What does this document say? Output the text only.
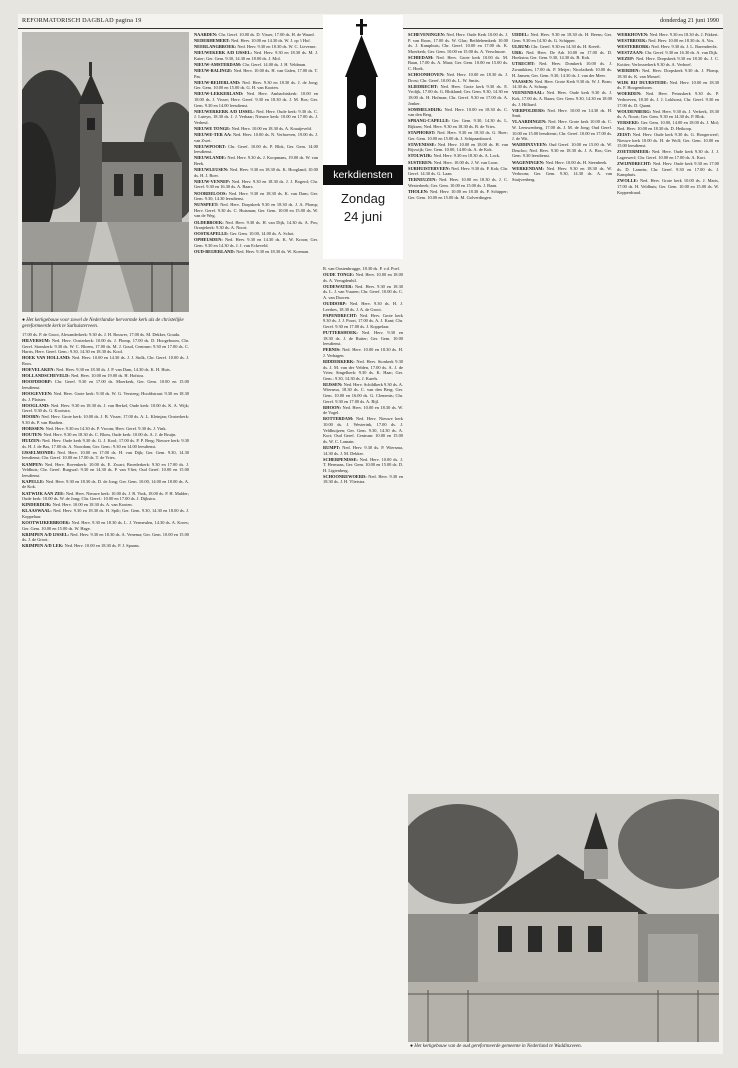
REFORMATORISCH DAGBLAD pagina 19	donderdag 21 juni 1990
● Het kerkgebouw voor zowel de Nederlandse hervormde kerk als de christelijke gereformeerde kerk te Surhuisterveen.
kerkdiensten
Zondag
24 juni
● Het kerkgebouw van de oud gereformeerde gemeente in Nederland te Waddinxveen.

17.00 ds. P. de Groot, Alexanderkerk: 9.30 ds. J. H. Rouwer, 17.00 ds. M. Dekker, Gouda.

HILVERSUM: Ned. Herv. Oosterkerk: 10.00 ds. J. Plomp, 17.00 ds. D. Hoogeboom, Chr. Geref. Sionskerk: 9.30 ds. W. C. Bloem, 17.00 ds. M. J. Goud, Centrum: 9.30 en 17.00 ds. C. Harris, Herv. Geref. Gem.: 9.30, 14.30 en 18.30 ds. Kool.

HOEK VAN HOLLAND: Ned. Herv. 10.00 en 14.30 ds. J. J. Stolk, Chr. Geref. 10.00 ds. J. Roos.

HOEVELAKEN: Ned. Herv. 9.30 en 18.30 ds. J. P. van Dam, 14.30 ds. K. H. Huis.

HOLLANDSCHEVELD: Ned. Herv. 10.00 en 19.00 ds. H. Hofstra.

HOOFDDORP: Chr. Geref. 9.30 en 17.00 ds. Moerkerk, Ger. Gem. 10.00 en 15.00 leesdienst.

HOOGEVEEN: Ned. Herv. Grote kerk: 9.30 ds. W. G. Versteeg; Hoofdstraat: 9.30 en 18.30 ds. J. Plaisier.

HOOGLAND: Ned. Herv. 9.30 en 18.30 ds. J. van Berkel, Oude kerk: 10.00 ds. K. A. Wijk; Geref. 9.30 ds. G. Kooistra.

HOORN: Ned. Herv. Grote kerk: 10.00 ds. J. B. Visser, 17.00 ds. A. L. Kleinjan; Oosterkerk: 9.30 ds. P. van Haaften.

HORSSEN: Ned. Herv. 9.30 en 14.30 ds. P. Vroom; Herv. Geref. 9.30 ds. J. Vink.

HOUTEN: Ned. Herv. 9.30 en 18.30 ds. C. Blom, Oude kerk: 10.00 ds. A. J. de Bruijn.

HUIZEN: Ned. Herv. Oude kerk 9.30 ds. G. J. Kool; 17.00 ds. P. P. Berg; Nieuwe kerk: 9.30 ds. H. J. de Bas, 17.00 ds. A. Noordam; Ger. Gem.: 9.30 en 14.00 leesdienst.

IJSSELMONDE: Ned. Herv. 10.00 en 17.00 ds. H. van Dijk; Ger. Gem. 9.30, 14.30 leesdienst; Chr. Geref. 10.00 en 17.00 ds. T. de Vries.

KAMPEN: Ned. Herv. Bovenkerk: 10.00 ds. E. Zwart; Broederkerk: 9.30 en 17.00 ds. J. Veldhuis; Chr. Geref. Burgwal: 9.30 en 14.30 ds. P. van Vliet; Oud Geref. 10.00 en 15.00 leesdienst.

KAPELLE: Ned. Herv. 9.30 en 18.30 ds. D. de Jong; Ger. Gem. 10.00, 14.00 en 18.00 ds. A. de Kok.

KATWIJK AAN ZEE: Ned. Herv. Nieuwe kerk: 10.00 ds. J. R. Vink, 18.00 ds. P. H. Mulder; Oude kerk: 10.00 ds. W. de Jong; Chr. Geref.: 10.00 en 17.00 ds. J. Dijkstra.

KINDERDIJK: Ned. Herv. 10.00 en 18.30 ds. A. van Kooten.

KLAASWAAL: Ned. Herv. 9.30 en 18.30 ds. H. Spilt; Ger. Gem. 9.30, 14.30 en 18.00 ds. J. Koppelaar.

KOOTWIJKERBROEK: Ned. Herv. 9.30 en 18.30 ds. L. J. Vermeulen, 14.30 ds. A. Kroes; Ger. Gem. 10.00 en 15.00 ds. W. Hage.

KRIMPEN A/D IJSSEL: Ned. Herv. 9.30 en 18.30 ds. A. Venema; Ger. Gem. 10.00 en 15.00 ds. J. de Groot.

KRIMPEN A/D LEK: Ned. Herv. 10.00 en 18.30 ds. P. J. Spaans.

NAARDEN: Chr. Geref. 10.00 ds. D. Visser, 17.00 ds. H. de Waard.

NEDERHEMERT: Ned. Herv. 10.00 en 14.30 ds. W. J. op 't Hof.

NEERLANGBROEK: Ned. Herv. 9.30 en 18.30 ds. W. C. Lievense.

NIEUWEKERK A/D IJSSEL: Ned. Herv. 9.30 en 18.30 ds. M. J. Kater; Ger. Gem. 9.30, 14.30 en 18.00 ds. J. Mol.

NIEUW-AMSTERDAM: Chr. Geref. 14.00 ds. J. H. Veldman.

NIEUW-BALINGE: Ned. Herv. 10.00 ds. H. van Galen, 17.00 ds. T. Pas.

NIEUW-BEIJERLAND: Ned. Herv. 9.30 en 18.30 ds. J. de Jong; Ger. Gem. 10.00 en 15.00 ds. G. H. van Kooten.

NIEUW-LEKKERLAND: Ned. Herv. Ambachtskerk: 10.00 en 18.00 ds. J. Visser; Herv. Geref. 9.30 en 18.30 ds. J. M. Bos; Ger. Gem. 9.30 en 14.00 leesdienst.

NIEUWERKERK A/D IJSSEL: Ned. Herv. Oude kerk: 9.30 ds. C. J. Luteyn, 18.30 ds. J. J. Verhaar; Nieuwe kerk: 10.00 en 17.00 ds. J. Verheul.

NIEUWE TONGE: Ned. Herv. 10.00 en 18.30 ds. A. Kraaijeveld.

NIEUWE-TER AA: Ned. Herv. 10.00 ds. N. Verhoeven, 19.00 ds. J. van Zwet.

NIEUWPOORT: Chr. Geref. 10.00 ds. P. Blok, Ger. Gem. 14.00 leesdienst.

NIEUWLANDE: Ned. Herv. 9.30 ds. J. Koopmans, 19.00 ds. W. van Beek.

NIEUWLEUSEN: Ned. Herv. 9.30 en 18.30 ds. K. Hoogland; 10.00 ds. H. J. Boer.

NIEUW-VENNEP: Ned. Herv. 9.30 en 18.30 ds. J. J. Bogerd; Chr. Geref. 9.30 en 16.30 ds. A. Baars.

NOORDELOOS: Ned. Herv. 9.30 en 18.30 ds. K. van Dam; Ger. Gem. 9.30, 14.30 leesdienst.

NUNSPEET: Ned. Herv. Dorpskerk 9.30 en 18.30 ds. J. A. Plomp; Herv. Geref. 9.30 ds. C. Huisman; Ger. Gem. 10.00 en 15.00 ds. W. van de Weg.

OLDEBROEK: Ned. Herv. 9.30 ds. H. van Dijk, 14.30 ds. A. Pos; Oranjekerk: 9.30 ds. A. Noort.

OOSTKAPELLE: Ger. Gem. 10.00, 14.00 ds. A. Schot.

OPHEUSDEN: Ned. Herv. 9.30 en 14.30 ds. K. W. Kroon; Ger. Gem. 9.30 en 14.30 ds. J. J. van Eckeveld.

OUD-BEIJERLAND: Ned. Herv. 9.30 en 18.30 ds. W. Koeman.

R. van Oostenbrugge, 18.30 ds. P. v.d. Poel.

OUDE TONGE: Ned. Herv. 10.00 en 18.00 ds. A. Vreugdenhil.

OUDEWATER: Ned. Herv. 9.30 en 18.30 ds. L. J. van Vuuren; Chr. Geref. 10.00 ds. C. A. van Dooren.

OUDDORP: Ned. Herv. 9.30 ds. H. J. Leerkes, 18.30 ds. J. A. de Groot.

PAPENDRECHT: Ned. Herv. Grote kerk 9.30 ds. J. J. Poort, 17.00 ds. A. J. Kant; Chr. Geref. 9.30 en 17.00 ds. J. Koppelaar.

PUTTERSHOEK: Ned. Herv. 9.30 en 18.30 ds. J. de Ruiter; Ger. Gem. 10.00 leesdienst.

PERNIS: Ned. Herv. 10.00 en 18.30 ds. H. J. Verhagen.

RIDDERKERK: Ned. Herv. Sionkerk 9.30 ds. J. M. van der Velden, 17.00 ds. A. J. de Vries; Singelkerk: 9.30 ds. K. Haar; Ger. Gem.: 9.30, 14.30 ds. J. Karels.

RIJSSEN: Ned. Herv. Schildkerk 9.30 ds. A. Wiersma, 18.30 ds. C. van den Berg; Ger. Gem. 10.00 en 16.00 ds. G. Clements; Chr. Geref. 9.30 en 17.00 ds. A. Bijl.

RHOON: Ned. Herv. 10.00 en 18.30 ds. W. de Vogel.

ROTTERDAM: Ned. Herv. Nieuwe kerk 10.00 ds. J. Westerink, 17.00 ds. J. Veldhuijzen; Ger. Gem. 9.30, 14.30 ds. A. Kort; Oud Geref. Centrum: 10.00 en 15.00 ds. W. C. Lamain.

RUMPT: Ned. Herv. 9.30 ds. P. Wiersma, 14.30 ds. J. M. Dekker.

SCHERPENISSE: Ned. Herv. 10.00 ds. J. T. Hermans, Ger. Gem. 10.00 en 15.00 ds. D. H. Ligtenberg.

SCHOONREWOERD: Ned. Herv. 9.30 en 18.30 ds. J. H. Vlietstra.

SCHEVENINGEN: Ned. Herv. Oude Kerk 10.00 ds. J. P. van Roon, 17.00 ds. W. Glas; Bethlehemkerk 10.00 ds. J. Kamphuis; Chr. Geref. 10.00 en 17.00 ds. K. Moerkerk; Ger. Gem. 10.00 en 15.00 ds. A. Verschuure.

SCHIEDAM: Ned. Herv. Grote kerk 10.00 ds. M. Baan, 17.00 ds. A. Maat; Ger. Gem. 10.00 en 15.00 ds. C. Hoek.

SCHOONHOVEN: Ned. Herv. 10.00 en 18.30 ds. J. Drost; Chr. Geref. 10.00 ds. L. W. Smits.

SLIEDRECHT: Ned. Herv. Grote kerk 9.30 ds. E. Vrolijk, 17.00 ds. G. Blokland; Ger. Gem. 9.30, 14.30 en 18.00 ds. H. Hofman; Chr. Geref. 9.30 en 17.00 ds. A. Jonker.

SOMMELSDIJK: Ned. Herv. 10.00 en 18.30 ds. C. van den Berg.

SPRANG-CAPELLE: Ger. Gem. 9.30, 14.30 ds. L. Rijksen; Ned. Herv. 9.30 en 18.30 ds. B. de Vries.

STAPHORST: Ned. Herv. 9.30 en 18.30 ds. G. Boer; Ger. Gem. 10.00 en 15.00 ds. J. Schipaanboord.

STAVENISSE: Ned. Herv. 10.00 en 18.00 ds. H. van Rijswijk; Ger. Gem. 10.00, 14.00 ds. A. de Kok.

STOLWIJK: Ned. Herv. 9.30 en 18.30 ds. A. Lock.

SUSTEREN: Ned. Herv. 10.00 ds. J. W. van Loon.

SURHUISTERVEEN: Ned. Herv. 9.30 ds. P. Kok; Chr. Geref. 14.30 ds. G. Laan.

TERNEUZEN: Ned. Herv. 10.00 en 18.30 ds. J. C. Westerbeek; Ger. Gem. 10.00 en 15.00 ds. J. Baan.

THOLEN: Ned. Herv. 10.00 en 18.30 ds. P. Schipper; Ger. Gem. 10.00 en 15.00 ds. M. Golverdingen.

UDDEL: Ned. Herv. 9.30 en 18.30 ds. H. Beens; Ger. Gem. 9.30 en 14.30 ds. G. Schipper.

ULRUM: Chr. Geref. 9.30 en 14.30 ds. H. Kreeft.

URK: Ned. Herv. De Ark 10.00 en 17.00 ds. D. Hoekstra; Ger. Gem. 9.30, 14.30 ds. B. Kok.

UTRECHT: Ned. Herv. Domkerk 10.00 ds. J. Zwanikken, 17.00 ds. P. Meijer; Nicolaikerk 10.00 ds. H. Jansen; Ger. Gem. 9.30, 14.30 ds. J. van der Meer.

VAASSEN: Ned. Herv. Grote Kerk 9.30 ds. W. J. Bons; 14.30 ds. A. Schaap.

VEENENDAAL: Ned. Herv. Oude kerk 9.30 ds. J. Kok, 17.00 ds. A. Baars; Ger. Gem. 9.30, 14.30 en 18.00 ds. J. Hilliard.

VIERPOLDERS: Ned. Herv. 10.00 en 14.30 ds. H. Smit.

VLAARDINGEN: Ned. Herv. Grote kerk 10.00 ds. C. W. Leeuwenberg, 17.00 ds. J. M. de Jong; Oud Geref. 10.00 en 15.00 leesdienst; Chr. Geref. 10.00 en 17.00 ds. J. de Wit.

WADDINXVEEN: Oud Geref. 10.00 en 15.00 ds. W. Deurloo; Ned. Herv. 9.30 en 18.30 ds. J. A. Bos; Ger. Gem. 9.30 leesdienst.

WAGENINGEN: Ned. Herv. 10.00 ds. H. Steenbeek.

WERKENDAM: Ned. Herv. 9.30 en 18.30 ds. W. Verboom; Ger. Gem. 9.30, 14.30 ds. A. van Stuijvenberg.

WERKHOVEN: Ned. Herv. 9.30 en 18.30 ds. J. Fikkert.

WESTBROEK: Ned. Herv. 10.00 en 18.30 ds. A. Vos.

WESTERBORK: Ned. Herv. 9.30 ds. J. L. Barendrecht.

WESTZAAN: Chr. Geref. 9.30 en 16.30 ds. A. van Dijk.

WEZEP: Ned. Herv. Dorpskerk 9.30 en 18.30 ds. J. C. Kottier; Verlosserkerk 9.30 ds. A. Verhoef.

WIERDEN: Ned. Herv. Dorpskerk 9.30 ds. J. Plomp, 18.30 ds. K. van Mossel.

WIJK BIJ DUURSTEDE: Ned. Herv. 10.00 en 18.30 ds. F. Hoogendoorn.

WOERDEN: Ned. Herv. Petruskerk 9.30 ds. P. Verhoeven, 18.30 ds. J. J. Lokhorst; Chr. Geref. 9.30 en 17.00 ds. D. Quant.

WOUDENBERG: Ned. Herv. 9.30 ds. J. Verkerk, 18.30 ds. A. Noort; Ger. Gem. 9.30 en 14.30 ds. P. Blok.

YERSEKE: Ger. Gem. 10.00, 14.00 en 18.00 ds. J. Mol; Ned. Herv. 10.00 en 18.30 ds. D. Heikoop.

ZEIST: Ned. Herv. Oude kerk 9.30 ds. G. Hoogerwerf; Nieuwe kerk 10.00 ds. H. de Wolf; Ger. Gem. 10.00 en 15.00 leesdienst.

ZOETERMEER: Ned. Herv. Oude kerk 9.30 ds. J. J. Lagerwerf; Chr. Geref. 10.00 en 17.00 ds. A. Kort.

ZWIJNDRECHT: Ned. Herv. Oude kerk 9.30 en 17.00 ds. D. Lamein; Chr. Geref. 9.30 en 17.00 ds. J. Kamphuis.

ZWOLLE: Ned. Herv. Grote kerk 10.00 ds. J. Maris, 17.00 ds. H. Veldhuis; Ger. Gem. 10.00 en 15.00 ds. W. Kopperdraad.
